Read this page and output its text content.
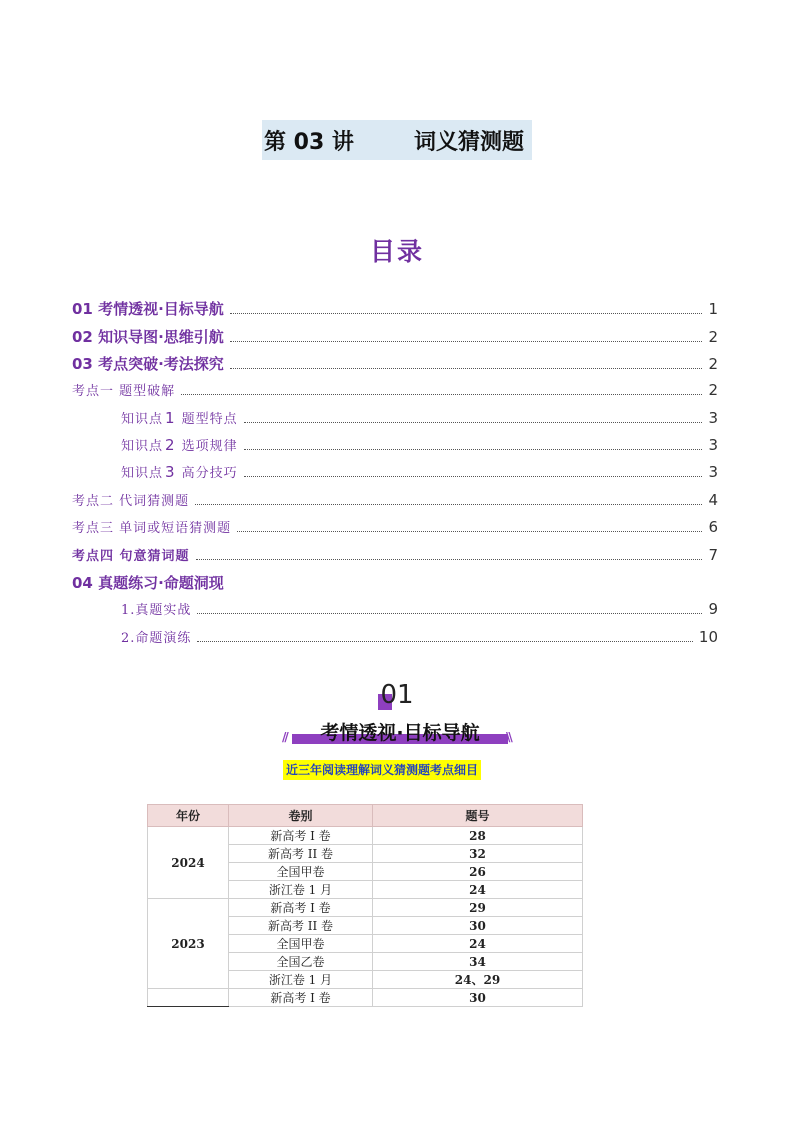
第 03 讲	词义猜测题
目录
01 考情透视·目标导航	1
02 知识导图·思维引航	2
03 考点突破·考法探究	2
考点一 题型破解	2
知识点 1 题型特点	3
知识点 2 选项规律	3
知识点 3 高分技巧	3
考点二 代词猜测题	4
考点三 单词或短语猜测题	6
考点四 句意猜词题	7
04 真题练习·命题洞现
1.真题实战	9
2.命题演练	10
01
//	考情透视·目标导航	\\
近三年阅读理解词义猜测题考点细目
年份	卷别	题号
2024	新高考 I 卷	28
	新高考 II 卷	32
	全国甲卷	26
	浙江卷 1 月	24
2023	新高考 I 卷	29
	新高考 II 卷	30
	全国甲卷	24
	全国乙卷	34
	浙江卷 1 月	24、29
	新高考 I 卷	30
